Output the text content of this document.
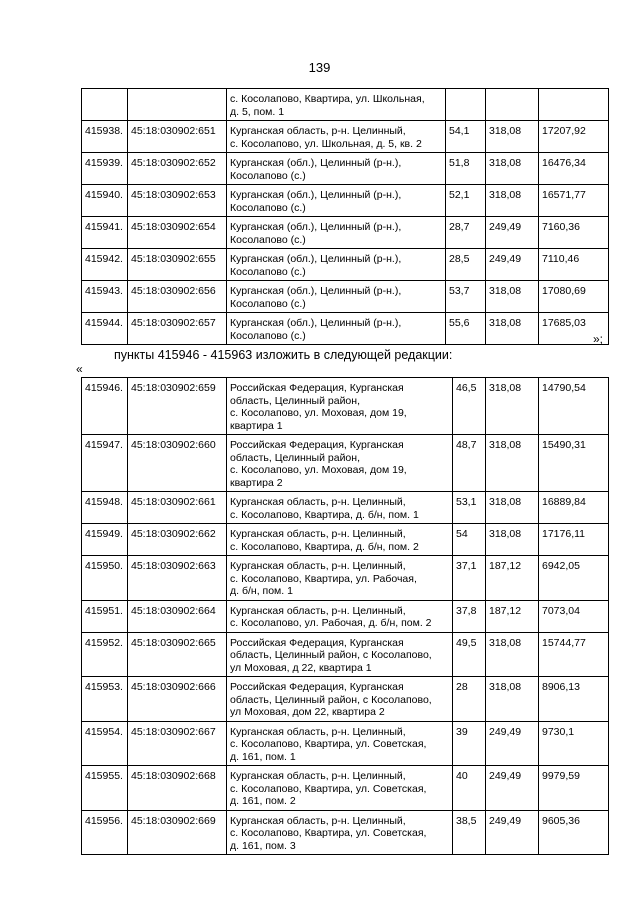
139
		с. Косолапово, Квартира, ул. Школьная,
д. 5, пом. 1			
415938.	45:18:030902:651	Курганская область, р-н. Целинный,
с. Косолапово, ул. Школьная, д. 5, кв. 2	54,1	318,08	17207,92
415939.	45:18:030902:652	Курганская (обл.), Целинный (р-н.),
Косолапово (с.)	51,8	318,08	16476,34
415940.	45:18:030902:653	Курганская (обл.), Целинный (р-н.),
Косолапово (с.)	52,1	318,08	16571,77
415941.	45:18:030902:654	Курганская (обл.), Целинный (р-н.),
Косолапово (с.)	28,7	249,49	7160,36
415942.	45:18:030902:655	Курганская (обл.), Целинный (р-н.),
Косолапово (с.)	28,5	249,49	7110,46
415943.	45:18:030902:656	Курганская (обл.), Целинный (р-н.),
Косолапово (с.)	53,7	318,08	17080,69
415944.	45:18:030902:657	Курганская (обл.), Целинный (р-н.),
Косолапово (с.)	55,6	318,08	17685,03
»;
пункты 415946 - 415963 изложить в следующей редакции:
«
415946.	45:18:030902:659	Российская Федерация, Курганская
область, Целинный район,
с. Косолапово, ул. Моховая, дом 19,
квартира 1	46,5	318,08	14790,54
415947.	45:18:030902:660	Российская Федерация, Курганская
область, Целинный район,
с. Косолапово, ул. Моховая, дом 19,
квартира 2	48,7	318,08	15490,31
415948.	45:18:030902:661	Курганская область, р-н. Целинный,
с. Косолапово, Квартира, д. б/н, пом. 1	53,1	318,08	16889,84
415949.	45:18:030902:662	Курганская область, р-н. Целинный,
с. Косолапово, Квартира, д. б/н, пом. 2	54	318,08	17176,11
415950.	45:18:030902:663	Курганская область, р-н. Целинный,
с. Косолапово, Квартира, ул. Рабочая,
д. б/н, пом. 1	37,1	187,12	6942,05
415951.	45:18:030902:664	Курганская область, р-н. Целинный,
с. Косолапово, ул. Рабочая, д. б/н, пом. 2	37,8	187,12	7073,04
415952.	45:18:030902:665	Российская Федерация, Курганская
область, Целинный район, с Косолапово,
ул Моховая, д 22, квартира 1	49,5	318,08	15744,77
415953.	45:18:030902:666	Российская Федерация, Курганская
область, Целинный район, с Косолапово,
ул Моховая, дом 22, квартира 2	28	318,08	8906,13
415954.	45:18:030902:667	Курганская область, р-н. Целинный,
с. Косолапово, Квартира, ул. Советская,
д. 161, пом. 1	39	249,49	9730,1
415955.	45:18:030902:668	Курганская область, р-н. Целинный,
с. Косолапово, Квартира, ул. Советская,
д. 161, пом. 2	40	249,49	9979,59
415956.	45:18:030902:669	Курганская область, р-н. Целинный,
с. Косолапово, Квартира, ул. Советская,
д. 161, пом. 3	38,5	249,49	9605,36
